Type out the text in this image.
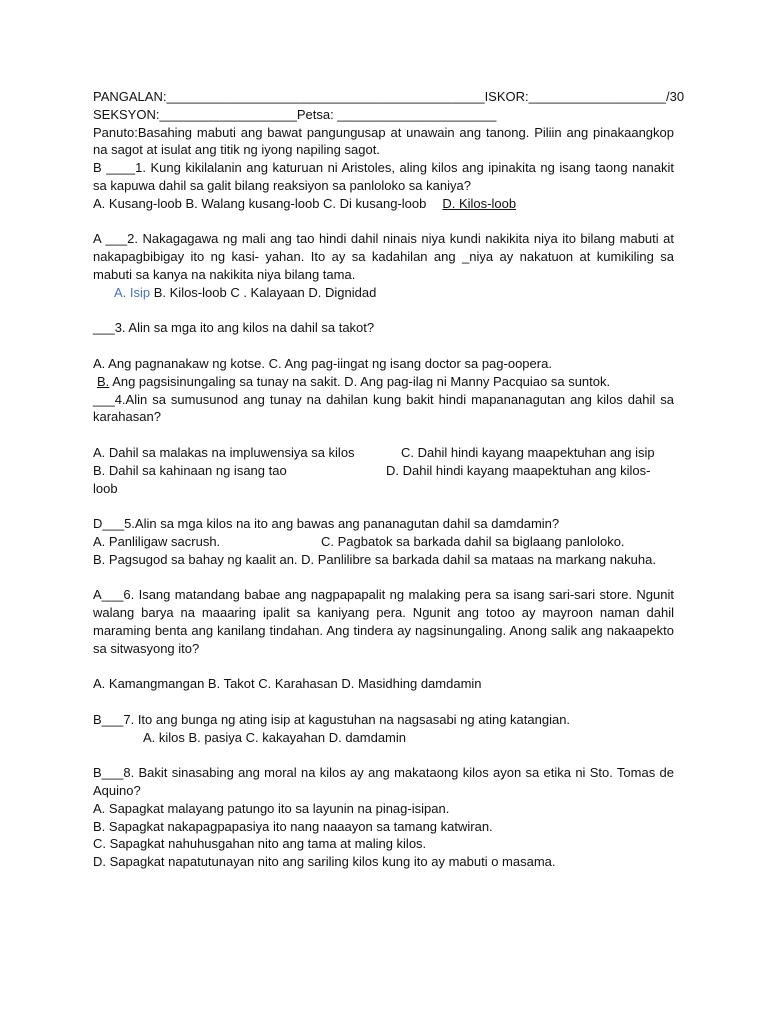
PANGALAN:____________________________________________ISKOR:___________________/30
SEKSYON:___________________Petsa: ______________________
Panuto:Basahing mabuti ang bawat pangungusap at unawain ang tanong. Piliin ang pinakaangkop na sagot at isulat ang titik ng iyong napiling sagot.
B ____1. Kung kikilalanin ang katuruan ni Aristoles, aling kilos ang ipinakita ng isang taong nanakit sa kapuwa dahil sa galit bilang reaksiyon sa panloloko sa kaniya?
A. Kusang-loob B. Walang kusang-loob C. Di kusang-loob D. Kilos-loob
A ___2. Nakagagawa ng mali ang tao hindi dahil ninais niya kundi nakikita niya ito bilang mabuti at nakapagbibigay ito ng kasi- yahan. Ito ay sa kadahilan ang _niya ay nakatuon at kumikiling sa mabuti sa kanya na nakikita niya bilang tama.
A. Isip B. Kilos-loob C . Kalayaan D. Dignidad
___3. Alin sa mga ito ang kilos na dahil sa takot?
A. Ang pagnanakaw ng kotse. C. Ang pag-iingat ng isang doctor sa pag-oopera.
B. Ang pagsisinungaling sa tunay na sakit. D. Ang pag-ilag ni Manny Pacquiao sa suntok.
___4.Alin sa sumusunod ang tunay na dahilan kung bakit hindi mapananagutan ang kilos dahil sa karahasan?
A. Dahil sa malakas na impluwensiya sa kilos	C. Dahil hindi kayang maapektuhan ang isip
B. Dahil sa kahinaan ng isang tao	D. Dahil hindi kayang maapektuhan ang kilos-
loob
D___5.Alin sa mga kilos na ito ang bawas ang pananagutan dahil sa damdamin?
A. Panliligaw sacrush.	C. Pagbatok sa barkada dahil sa biglaang panloloko.
B. Pagsugod sa bahay ng kaalit an. D. Panlilibre sa barkada dahil sa mataas na markang nakuha.
A___6. Isang matandang babae ang nagpapapalit ng malaking pera sa isang sari-sari store. Ngunit walang barya na maaaring ipalit sa kaniyang pera. Ngunit ang totoo ay mayroon naman dahil maraming benta ang kanilang tindahan. Ang tindera ay nagsinungaling. Anong salik ang nakaapekto sa sitwasyong ito?
A. Kamangmangan B. Takot C. Karahasan D. Masidhing damdamin
B___7. Ito ang bunga ng ating isip at kagustuhan na nagsasabi ng ating katangian.
A. kilos B. pasiya C. kakayahan D. damdamin
B___8. Bakit sinasabing ang moral na kilos ay ang makataong kilos ayon sa etika ni Sto. Tomas de Aquino?
A. Sapagkat malayang patungo ito sa layunin na pinag-isipan.
B. Sapagkat nakapagpapasiya ito nang naaayon sa tamang katwiran.
C. Sapagkat nahuhusgahan nito ang tama at maling kilos.
D. Sapagkat napatutunayan nito ang sariling kilos kung ito ay mabuti o masama.
